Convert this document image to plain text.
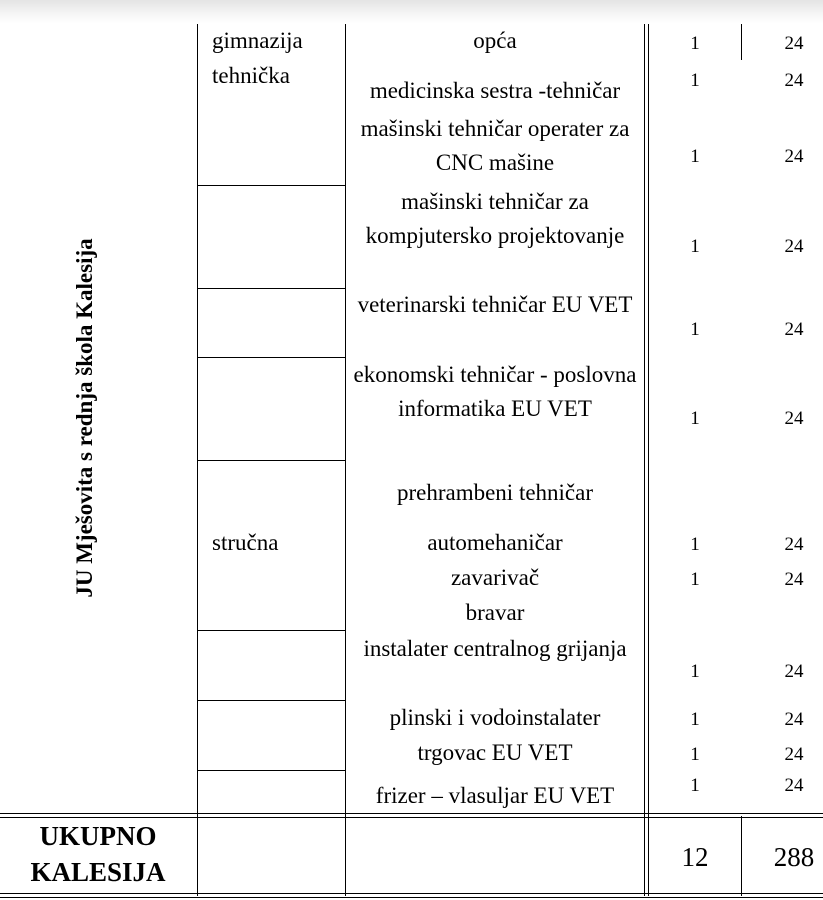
JU Mješovita s rednja škola Kalesija
gimnazija
tehnička
stručna
opća
medicinska sestra -tehničar
mašinski tehničar operater za CNC mašine
mašinski tehničar za kompjutersko projektovanje
veterinarski tehničar EU VET
ekonomski tehničar - poslovna informatika EU VET
prehrambeni tehničar
automehaničar
zavarivač
bravar
instalater centralnog grijanja
plinski i vodoinstalater
trgovac EU VET
frizer – vlasuljar EU VET
1
1
1
1
1
1
1
1
1
1
1
1
24
24
24
24
24
24
24
24
24
24
24
24
UKUPNO
KALESIJA	12	288
